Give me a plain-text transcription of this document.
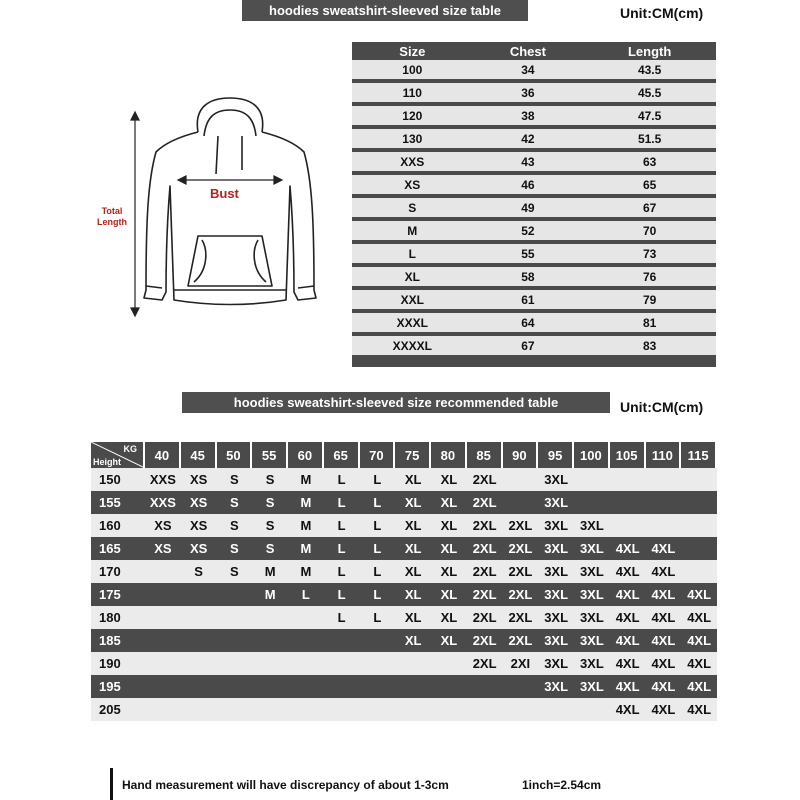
hoodies sweatshirt-sleeved size table	Unit:CM(cm)
Bust
Total Length
Size	Chest	Length
100	34	43.5
110	36	45.5
120	38	47.5
130	42	51.5
XXS	43	63
XS	46	65
S	49	67
M	52	70
L	55	73
XL	58	76
XXL	61	79
XXXL	64	81
XXXXL	67	83

hoodies sweatshirt-sleeved size recommended table	Unit:CM(cm)
KG
Height	40	45	50	55	60	65	70	75	80	85	90	95	100	105	110	115
150	XXS	XS	S	S	M	L	L	XL	XL	2XL		3XL				
155	XXS	XS	S	S	M	L	L	XL	XL	2XL		3XL				
160	XS	XS	S	S	M	L	L	XL	XL	2XL	2XL	3XL	3XL			
165	XS	XS	S	S	M	L	L	XL	XL	2XL	2XL	3XL	3XL	4XL	4XL	
170		S	S	M	M	L	L	XL	XL	2XL	2XL	3XL	3XL	4XL	4XL	
175				M	L	L	L	XL	XL	2XL	2XL	3XL	3XL	4XL	4XL	4XL
180						L	L	XL	XL	2XL	2XL	3XL	3XL	4XL	4XL	4XL
185								XL	XL	2XL	2XL	3XL	3XL	4XL	4XL	4XL
190										2XL	2XI	3XL	3XL	4XL	4XL	4XL
195												3XL	3XL	4XL	4XL	4XL
205														4XL	4XL	4XL
Hand measurement will have discrepancy of about 1-3cm	1inch=2.54cm
